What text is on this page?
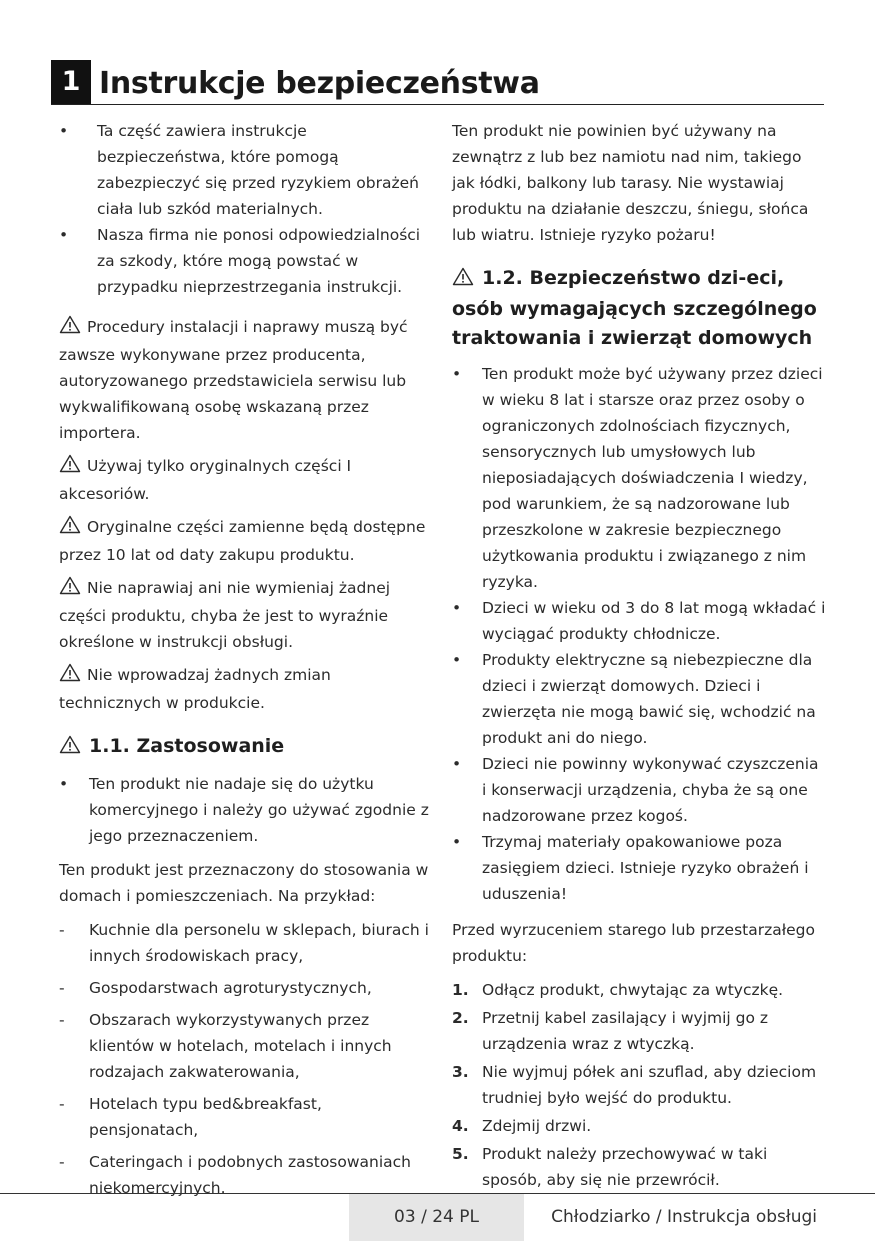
1 Instrukcje bezpieczeństwa
• Ta część zawiera instrukcje bezpieczeństwa, które pomogą zabezpieczyć się przed ryzykiem obrażeń ciała lub szkód materialnych.
• Nasza firma nie ponosi odpowiedzialności za szkody, które mogą powstać w przypadku nieprzestrzegania instrukcji.

Procedury instalacji i naprawy muszą być zawsze wykonywane przez producenta, autoryzowanego przedstawiciela serwisu lub wykwalifikowaną osobę wskazaną przez importera.

Używaj tylko oryginalnych części I akcesoriów.

Oryginalne części zamienne będą dostępne przez 10 lat od daty zakupu produktu.

Nie naprawiaj ani nie wymieniaj żadnej części produktu, chyba że jest to wyraźnie określone w instrukcji obsługi.

Nie wprowadzaj żadnych zmian technicznych w produkcie.

1.1. Zastosowanie
• Ten produkt nie nadaje się do użytku komercyjnego i należy go używać zgodnie z jego przeznaczeniem.

Ten produkt jest przeznaczony do stosowania w domach i pomieszczeniach. Na przykład:

- Kuchnie dla personelu w sklepach, biurach i innych środowiskach pracy,
- Gospodarstwach agroturystycznych,
- Obszarach wykorzystywanych przez klientów w hotelach, motelach i innych rodzajach zakwaterowania,
- Hotelach typu bed&breakfast, pensjonatach,
- Cateringach i podobnych zastosowaniach niekomercyjnych.

Ten produkt nie powinien być używany na zewnątrz z lub bez namiotu nad nim, takiego jak łódki, balkony lub tarasy. Nie wystawiaj produktu na działanie deszczu, śniegu, słońca lub wiatru. Istnieje ryzyko pożaru!

1.2. Bezpieczeństwo dzi-eci, osób wymagających szczególnego traktowania i zwierząt domowych
• Ten produkt może być używany przez dzieci w wieku 8 lat i starsze oraz przez osoby o ograniczonych zdolnościach fizycznych, sensorycznych lub umysłowych lub nieposiadających doświadczenia I wiedzy, pod warunkiem, że są nadzorowane lub przeszkolone w zakresie bezpiecznego użytkowania produktu i związanego z nim ryzyka.
• Dzieci w wieku od 3 do 8 lat mogą wkładać i wyciągać produkty chłodnicze.
• Produkty elektryczne są niebezpieczne dla dzieci i zwierząt domowych. Dzieci i zwierzęta nie mogą bawić się, wchodzić na produkt ani do niego.
• Dzieci nie powinny wykonywać czyszczenia i konserwacji urządzenia, chyba że są one nadzorowane przez kogoś.
• Trzymaj materiały opakowaniowe poza zasięgiem dzieci. Istnieje ryzyko obrażeń i uduszenia!

Przed wyrzuceniem starego lub przestarzałego produktu:

1. Odłącz produkt, chwytając za wtyczkę.
2. Przetnij kabel zasilający i wyjmij go z urządzenia wraz z wtyczką.
3. Nie wyjmuj półek ani szuflad, aby dzieciom trudniej było wejść do produktu.
4. Zdejmij drzwi.
5. Produkt należy przechowywać w taki sposób, aby się nie przewrócił.
03 / 24 PL	Chłodziarko / Instrukcja obsługi
